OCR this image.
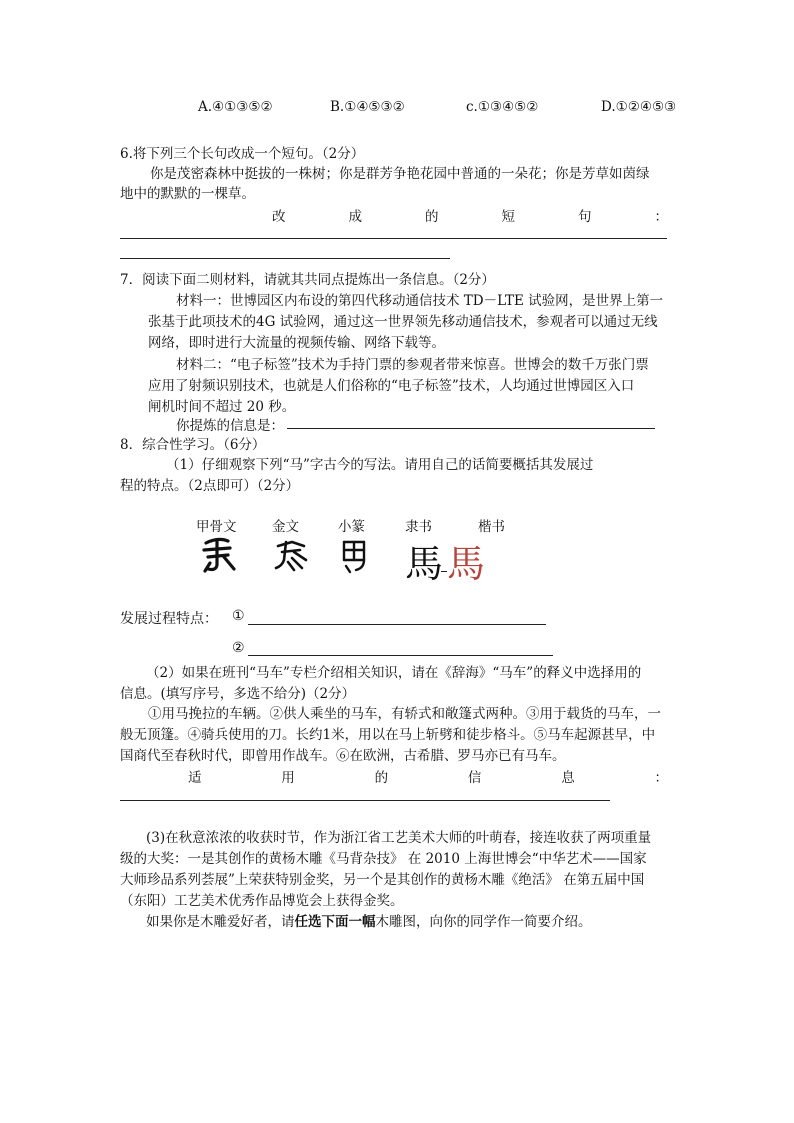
A.④①③⑤②	B.①④⑤③②	c.①③④⑤②	D.①②④⑤③
6.将下列三个长句改成一个短句。（2分）
你是茂密森林中挺拔的一株树；你是群芳争艳花园中普通的一朵花；你是芳草如茵绿
地中的默默的一棵草。
改	成	的	短	句	：
7．阅读下面二则材料，请就其共同点提炼出一条信息。（2分）
材料一：世博园区内布设的第四代移动通信技术 TD－LTE 试验网，是世界上第一
张基于此项技术的4G 试验网，通过这一世界领先移动通信技术，参观者可以通过无线
网络，即时进行大流量的视频传输、网络下载等。
材料二：“电子标签”技术为手持门票的参观者带来惊喜。世博会的数千万张门票
应用了射频识别技术，也就是人们俗称的“电子标签”技术，人均通过世博园区入口
闸机时间不超过 20 秒。
你提炼的信息是：
8．综合性学习。（6分）
（1）仔细观察下列“马”字古今的写法。请用自己的话简要概括其发展过
程的特点。（2点即可）（2分）
甲骨文	金文	小篆	隶书	楷书
馬 馬
发展过程特点： ①
②
（2）如果在班刊“马车”专栏介绍相关知识，请在《辞海》“马车”的释义中选择用的
信息。(填写序号，多选不给分)（2分）
①用马挽拉的车辆。②供人乘坐的马车，有轿式和敞篷式两种。③用于载货的马车，一
般无顶篷。④骑兵使用的刀。长约1米，用以在马上斩劈和徒步格斗。⑤马车起源甚早，中
国商代至春秋时代，即曾用作战车。⑥在欧洲，古希腊、罗马亦已有马车。
适	用	的	信	息	：
(3)在秋意浓浓的收获时节，作为浙江省工艺美术大师的叶萌春，接连收获了两项重量
级的大奖：一是其创作的黄杨木雕《马背杂技》 在 2010 上海世博会“中华艺术——国家
大师珍品系列荟展”上荣获特别金奖，另一个是其创作的黄杨木雕《绝活》 在第五届中国
（东阳）工艺美术优秀作品博览会上获得金奖。
如果你是木雕爱好者，请任选下面一幅木雕图，向你的同学作一简要介绍。
